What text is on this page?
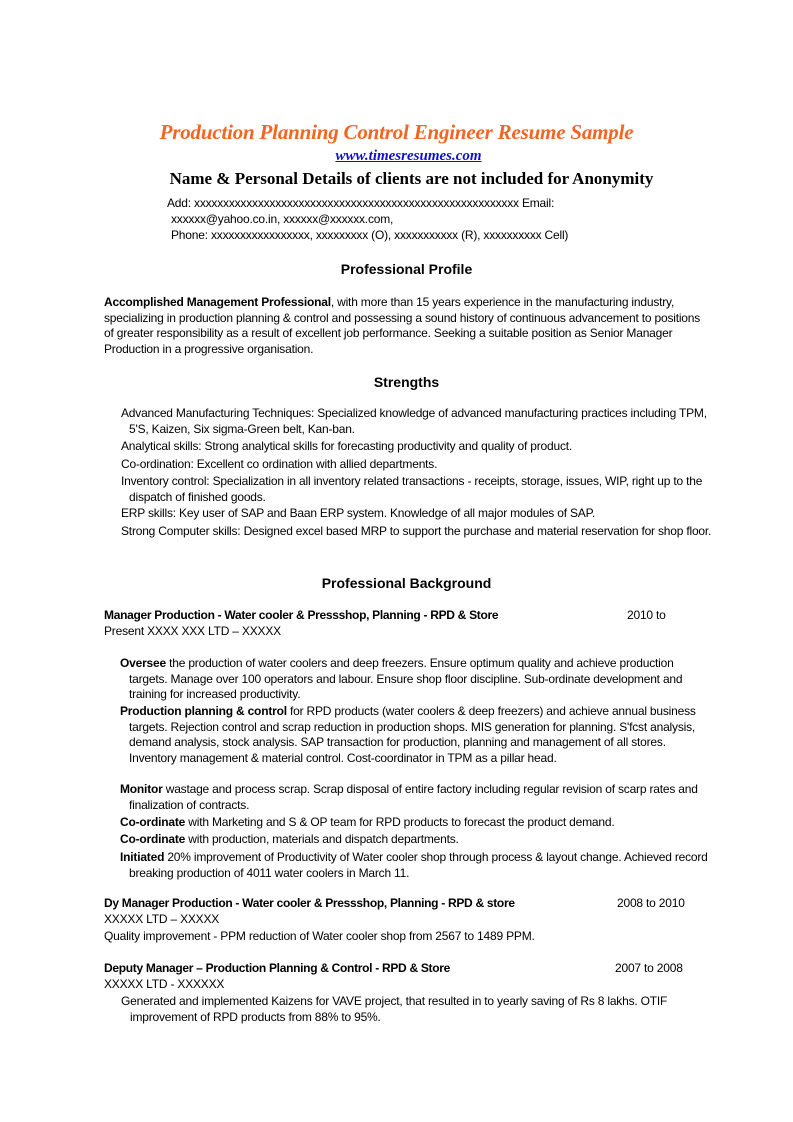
Production Planning Control Engineer Resume Sample
www.timesresumes.com
Name & Personal Details of clients are not included for Anonymity
Add: xxxxxxxxxxxxxxxxxxxxxxxxxxxxxxxxxxxxxxxxxxxxxxxxxxxxxxxx Email:
xxxxxx@yahoo.co.in, xxxxxx@xxxxxx.com,
Phone: xxxxxxxxxxxxxxxxx, xxxxxxxxx (O), xxxxxxxxxxx (R), xxxxxxxxxx Cell)
Professional Profile
Accomplished Management Professional, with more than 15 years experience in the manufacturing industry, specializing in production planning & control and possessing a sound history of continuous advancement to positions of greater responsibility as a result of excellent job performance. Seeking a suitable position as Senior Manager Production in a progressive organisation.
Strengths
Advanced Manufacturing Techniques: Specialized knowledge of advanced manufacturing practices including TPM, 5'S, Kaizen, Six sigma-Green belt, Kan-ban.
Analytical skills: Strong analytical skills for forecasting productivity and quality of product.
Co-ordination: Excellent co ordination with allied departments.
Inventory control: Specialization in all inventory related transactions - receipts, storage, issues, WIP, right up to the dispatch of finished goods.
ERP skills: Key user of SAP and Baan ERP system. Knowledge of all major modules of SAP.
Strong Computer skills: Designed excel based MRP to support the purchase and material reservation for shop floor.
Professional Background
Manager Production - Water cooler & Pressshop, Planning - RPD & Store	2010 to
Present XXXX XXX LTD – XXXXX
Oversee the production of water coolers and deep freezers. Ensure optimum quality and achieve production targets. Manage over 100 operators and labour. Ensure shop floor discipline. Sub-ordinate development and training for increased productivity.
Production planning & control for RPD products (water coolers & deep freezers) and achieve annual business targets. Rejection control and scrap reduction in production shops. MIS generation for planning. S'fcst analysis, demand analysis, stock analysis. SAP transaction for production, planning and management of all stores. Inventory management & material control. Cost-coordinator in TPM as a pillar head.
Monitor wastage and process scrap. Scrap disposal of entire factory including regular revision of scarp rates and finalization of contracts.
Co-ordinate with Marketing and S & OP team for RPD products to forecast the product demand.
Co-ordinate with production, materials and dispatch departments.
Initiated 20% improvement of Productivity of Water cooler shop through process & layout change. Achieved record breaking production of 4011 water coolers in March 11.
Dy Manager Production - Water cooler & Pressshop, Planning - RPD & store	2008 to 2010
XXXXX LTD – XXXXX
Quality improvement - PPM reduction of Water cooler shop from 2567 to 1489 PPM.
Deputy Manager – Production Planning & Control - RPD & Store	2007 to 2008
XXXXX LTD - XXXXXX
Generated and implemented Kaizens for VAVE project, that resulted in to yearly saving of Rs 8 lakhs. OTIF improvement of RPD products from 88% to 95%.
